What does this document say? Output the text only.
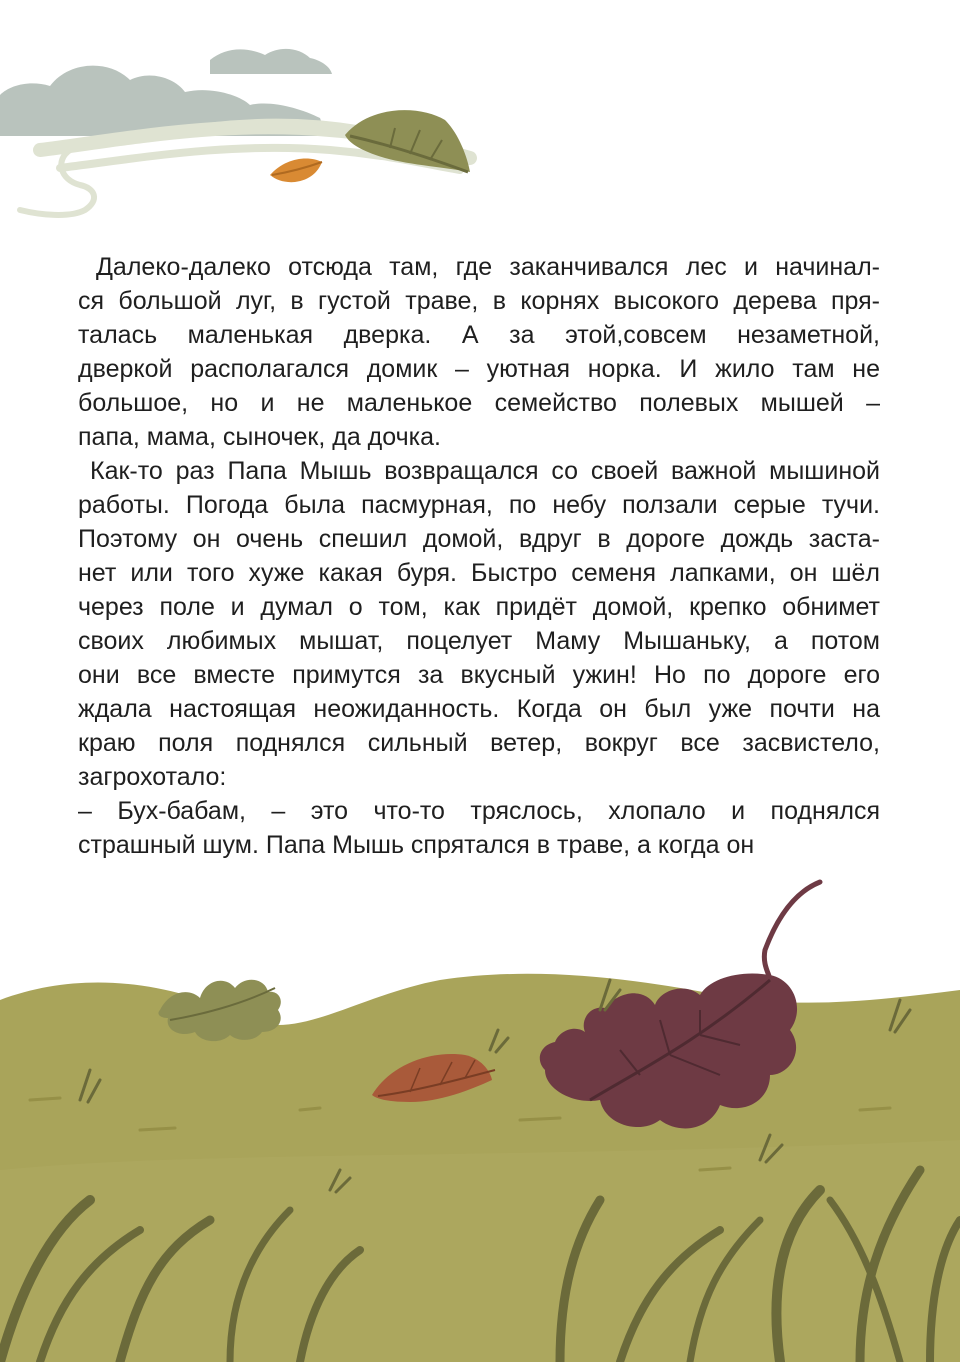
Далеко-далеко отсюда там, где заканчивался лес и начинал-
ся большой луг, в густой траве, в корнях высокого дерева пря-
талась маленькая дверка. А за этой,совсем незаметной,
дверкой располагался домик – уютная норка. И жило там не
большое, но и не маленькое семейство полевых мышей –
папа, мама, сыночек, да дочка.
Как-то раз Папа Мышь возвращался со своей важной мышиной
работы. Погода была пасмурная, по небу ползали серые тучи.
Поэтому он очень спешил домой, вдруг в дороге дождь заста-
нет или того хуже какая буря. Быстро семеня лапками, он шёл
через поле и думал о том, как придёт домой, крепко обнимет
своих любимых мышат, поцелует Маму Мышаньку, а потом
они все вместе примутся за вкусный ужин! Но по дороге его
ждала настоящая неожиданность. Когда он был уже почти на
краю поля поднялся сильный ветер, вокруг все засвистело,
загрохотало:
– Бух-бабам, – это что-то тряслось, хлопало и поднялся
страшный шум. Папа Мышь спрятался в траве, а когда он
